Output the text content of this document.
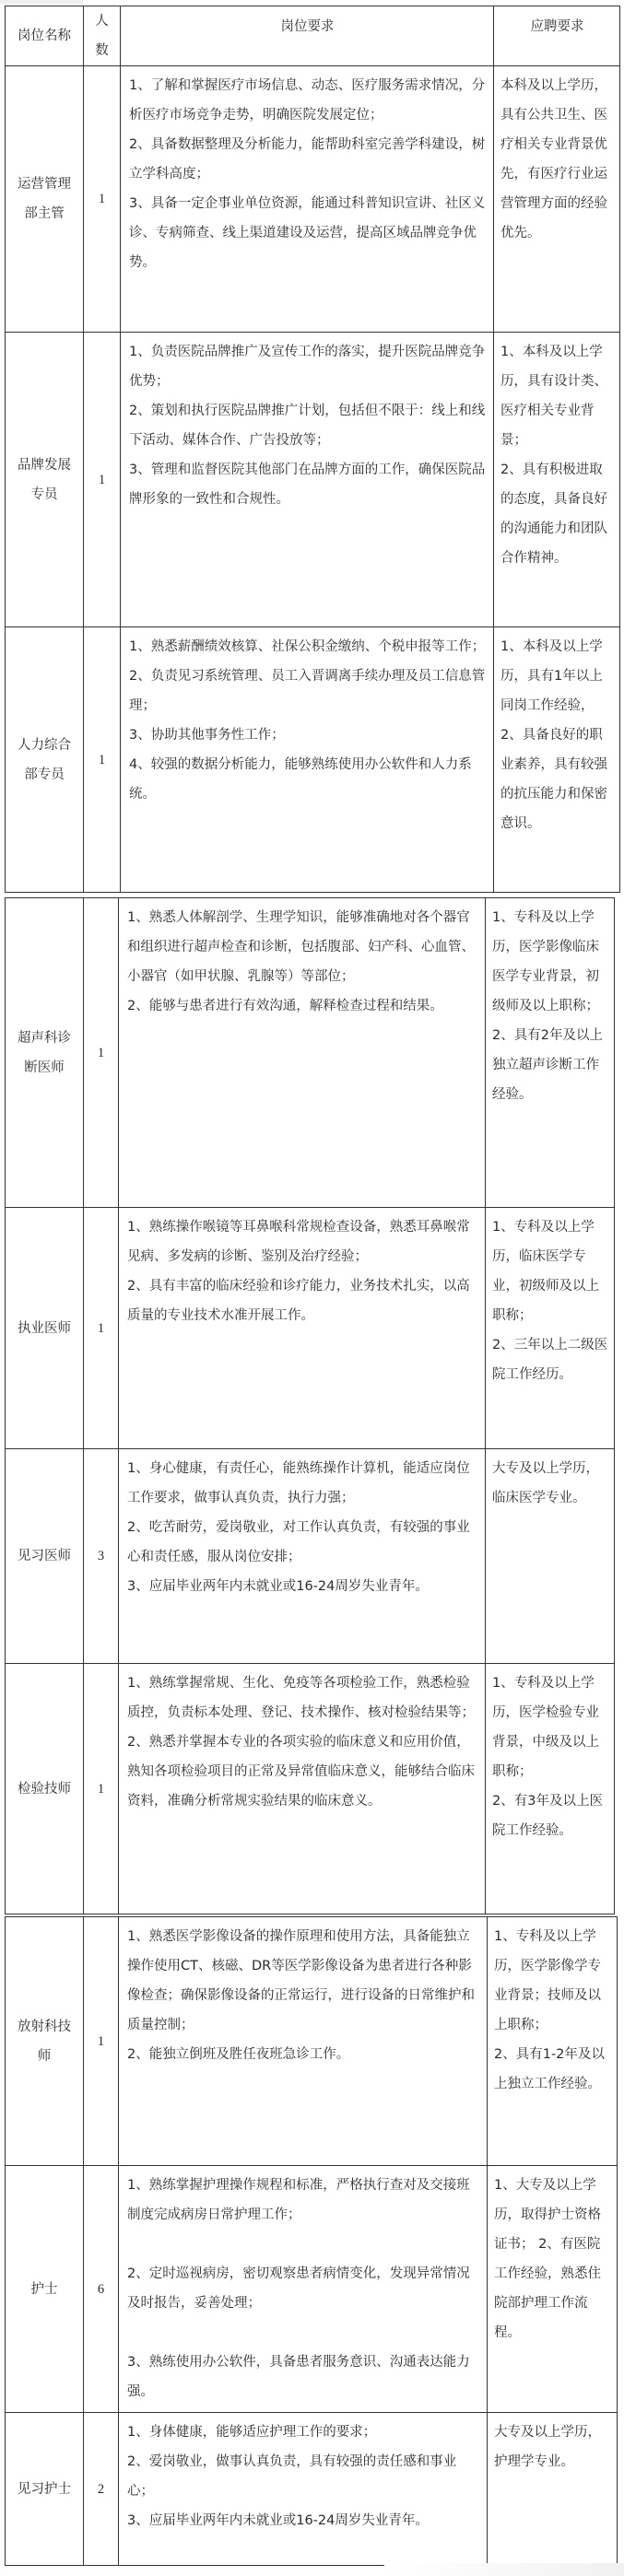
岗位名称	人数	岗位要求	应聘要求
运营管理部主管	1	1、了解和掌握医疗市场信息、动态、医疗服务需求情况，分析医疗市场竞争走势，明确医院发展定位；
2、具备数据整理及分析能力，能帮助科室完善学科建设，树立学科高度；
3、具备一定企事业单位资源，能通过科普知识宣讲、社区义诊、专病筛查、线上渠道建设及运营，提高区域品牌竞争优势。	本科及以上学历，具有公共卫生、医疗相关专业背景优先，有医疗行业运营管理方面的经验优先。

品牌发展专员	1	1、负责医院品牌推广及宣传工作的落实，提升医院品牌竞争优势；
2、策划和执行医院品牌推广计划，包括但不限于：线上和线下活动、媒体合作、广告投放等；
3、管理和监督医院其他部门在品牌方面的工作，确保医院品牌形象的一致性和合规性。	1、本科及以上学历，具有设计类、医疗相关专业背景；
2、具有积极进取的态度，具备良好的沟通能力和团队合作精神。

人力综合部专员	1	1、熟悉薪酬绩效核算、社保公积金缴纳、个税申报等工作；
2、负责见习系统管理、员工入晋调离手续办理及员工信息管理；
3、协助其他事务性工作；
4、较强的数据分析能力，能够熟练使用办公软件和人力系统。	1、本科及以上学历，具有1年以上同岗工作经验，
2、具备良好的职业素养，具有较强的抗压能力和保密意识。
超声科诊断医师	1	1、熟悉人体解剖学、生理学知识，能够准确地对各个器官和组织进行超声检查和诊断，包括腹部、妇产科、心血管、小器官（如甲状腺、乳腺等）等部位；
2、能够与患者进行有效沟通，解释检查过程和结果。	1、专科及以上学历，医学影像临床医学专业背景，初级师及以上职称；
2、具有2年及以上独立超声诊断工作经验。

执业医师	1	1、熟练操作喉镜等耳鼻喉科常规检查设备，熟悉耳鼻喉常见病、多发病的诊断、鉴别及治疗经验；
2、具有丰富的临床经验和诊疗能力，业务技术扎实，以高质量的专业技术水准开展工作。	1、专科及以上学历，临床医学专业，初级师及以上职称；
2、三年以上二级医院工作经历。

见习医师	3	1、身心健康，有责任心，能熟练操作计算机，能适应岗位工作要求，做事认真负责，执行力强；
2、吃苦耐劳，爱岗敬业，对工作认真负责，有较强的事业心和责任感，服从岗位安排；
3、应届毕业两年内未就业或16-24周岁失业青年。	大专及以上学历，临床医学专业。

检验技师	1	1、熟练掌握常规、生化、免疫等各项检验工作，熟悉检验质控，负责标本处理、登记、技术操作、核对检验结果等；
2、熟悉并掌握本专业的各项实验的临床意义和应用价值，熟知各项检验项目的正常及异常值临床意义，能够结合临床资料，准确分析常规实验结果的临床意义。	1、专科及以上学历，医学检验专业背景，中级及以上职称；
2、有3年及以上医院工作经验。
放射科技师	1	1、熟悉医学影像设备的操作原理和使用方法，具备能独立操作使用CT、核磁、DR等医学影像设备为患者进行各种影像检查；确保影像设备的正常运行，进行设备的日常维护和质量控制；
2、能独立倒班及胜任夜班急诊工作。	1、专科及以上学历，医学影像学专业背景；技师及以上职称；
2、具有1-2年及以上独立工作经验。

护士	6	1、熟练掌握护理操作规程和标准，严格执行查对及交接班制度完成病房日常护理工作；
2、定时巡视病房，密切观察患者病情变化，发现异常情况及时报告，妥善处理；
3、熟练使用办公软件，具备患者服务意识、沟通表达能力强。	1、大专及以上学历，取得护士资格证书； 2、有医院工作经验，熟悉住院部护理工作流程。

见习护士	2	1、身体健康，能够适应护理工作的要求；
2、爱岗敬业，做事认真负责，具有较强的责任感和事业心；
3、应届毕业两年内未就业或16-24周岁失业青年。	大专及以上学历，护理学专业。
